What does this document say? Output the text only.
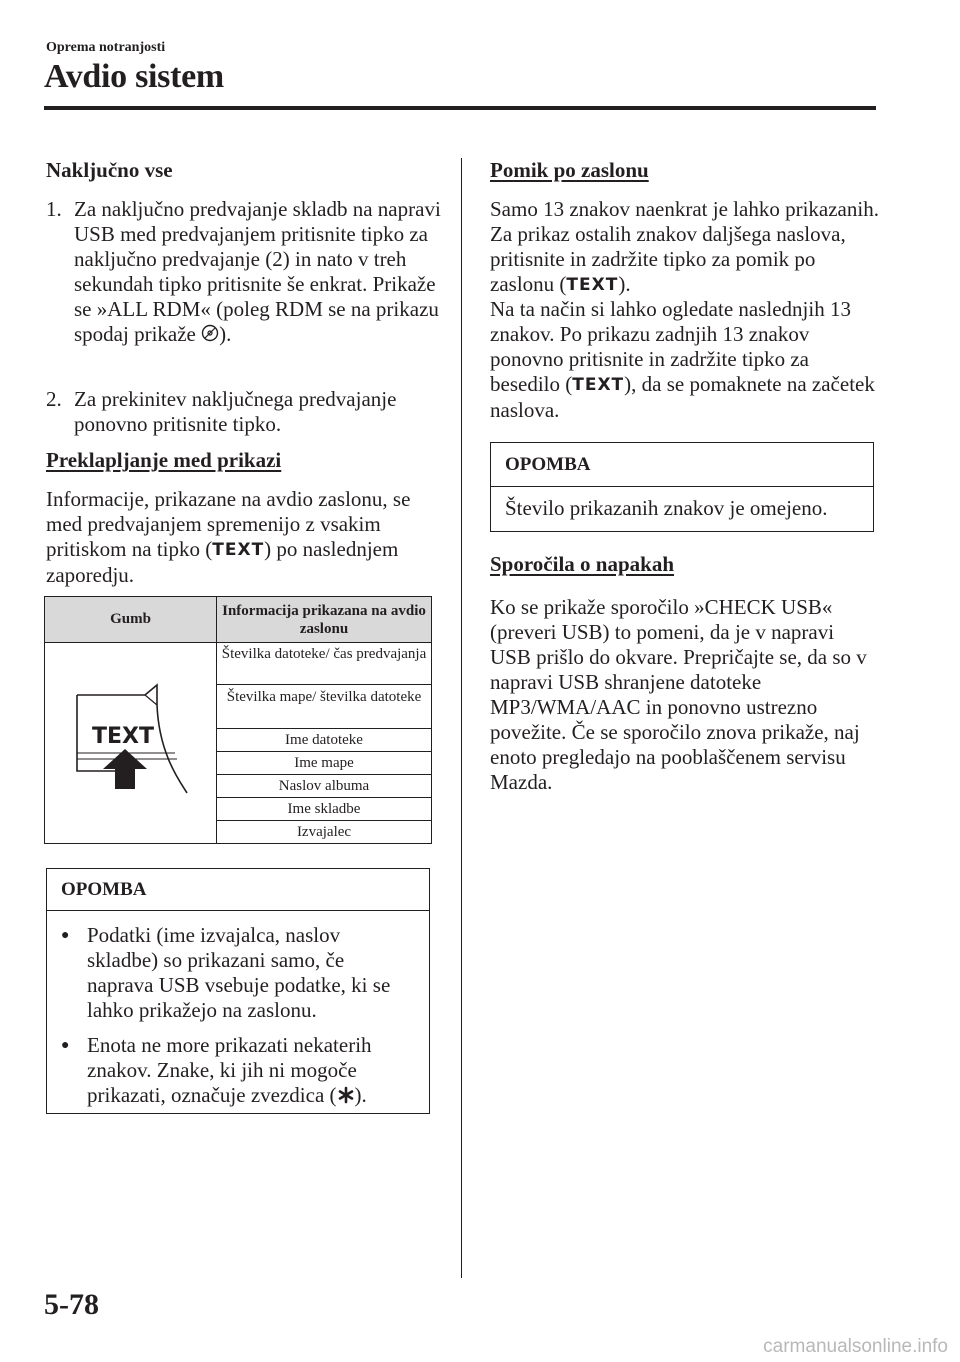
Oprema notranjosti
Avdio sistem
Naključno vse
1. Za naključno predvajanje skladb na napravi USB med predvajanjem pritisnite tipko za naključno predvajanje (2) in nato v treh sekundah tipko pritisnite še enkrat. Prikaže se »ALL RDM« (poleg RDM se na prikazu spodaj prikaže ).
2. Za prekinitev naključnega predvajanje ponovno pritisnite tipko.
Preklapljanje med prikazi
Informacije, prikazane na avdio zaslonu, se med predvajanjem spremenijo z vsakim pritiskom na tipko (TEXT) po naslednjem zaporedju.
Gumb
Informacija prikazana na avdio zaslonu
TEXT
Številka datoteke/ čas predvajanja
Številka mape/ številka datoteke
Ime datoteke
Ime mape
Naslov albuma
Ime skladbe
Izvajalec
OPOMBA
● Podatki (ime izvajalca, naslov skladbe) so prikazani samo, če naprava USB vsebuje podatke, ki se lahko prikažejo na zaslonu.
● Enota ne more prikazati nekaterih znakov. Znake, ki jih ni mogoče prikazati, označuje zvezdica ( ).
Pomik po zaslonu
Samo 13 znakov naenkrat je lahko prikazanih. Za prikaz ostalih znakov daljšega naslova, pritisnite in zadržite tipko za pomik po zaslonu (TEXT).
Na ta način si lahko ogledate naslednjih 13 znakov. Po prikazu zadnjih 13 znakov ponovno pritisnite in zadržite tipko za besedilo (TEXT), da se pomaknete na začetek naslova.
OPOMBA
Število prikazanih znakov je omejeno.
Sporočila o napakah
Ko se prikaže sporočilo »CHECK USB« (preveri USB) to pomeni, da je v napravi USB prišlo do okvare. Prepričajte se, da so v napravi USB shranjene datoteke MP3/WMA/AAC in ponovno ustrezno povežite. Če se sporočilo znova prikaže, naj enoto pregledajo na pooblaščenem servisu Mazda.
5-78
carmanualsonline.info
